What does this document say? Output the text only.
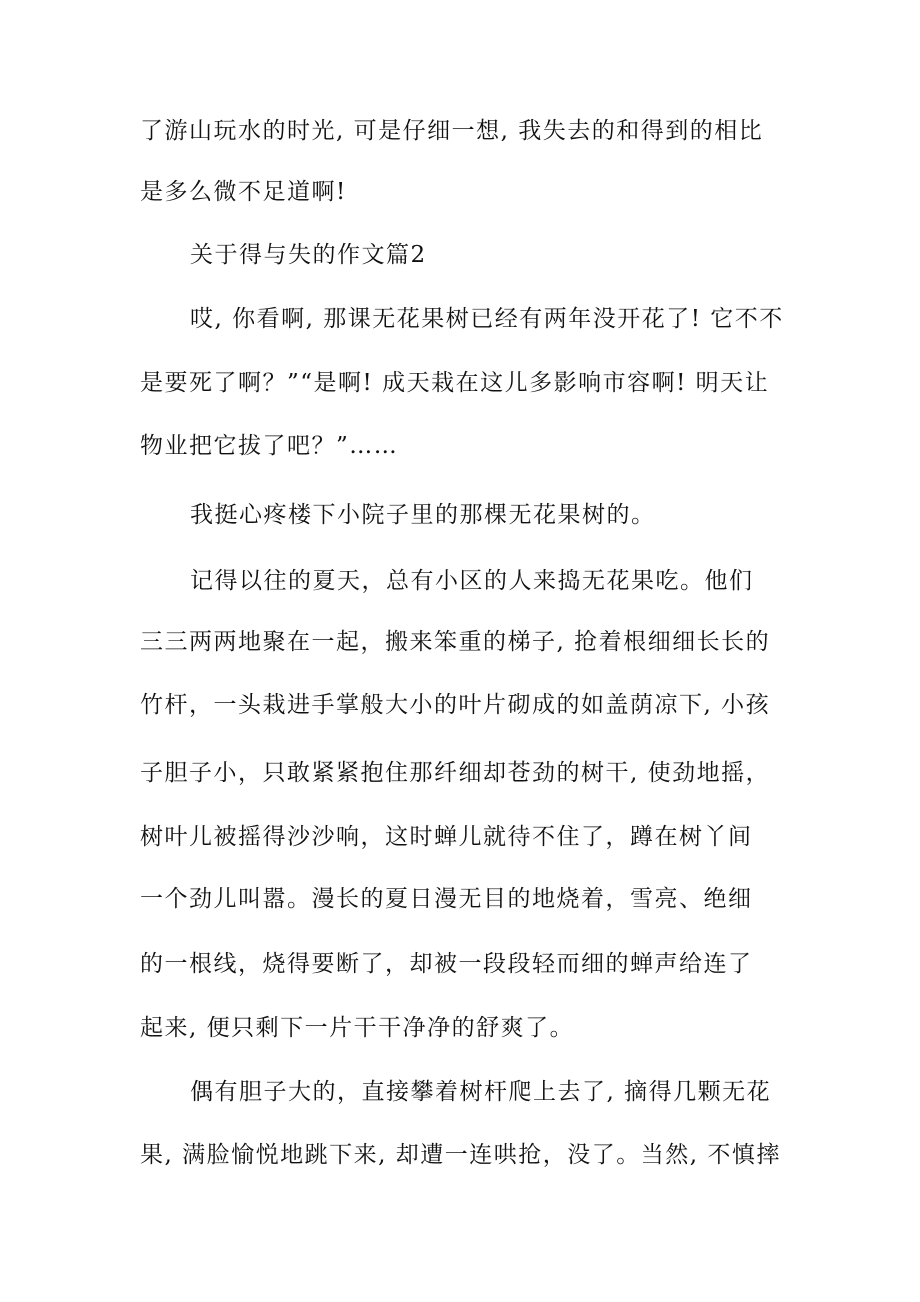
了游山玩水的时光, 可是仔细一想, 我失去的和得到的相比
是多么微不足道啊!
关于得与失的作文篇2
哎, 你看啊, 那课无花果树已经有两年没开花了! 它不不
是要死了啊？”“是啊! 成天栽在这儿多影响市容啊! 明天让
物业把它拔了吧？”……
我挺心疼楼下小院子里的那棵无花果树的。
记得以往的夏天，总有小区的人来捣无花果吃。他们
三三两两地聚在一起，搬来笨重的梯子, 抢着根细细长长的
竹杆，一头栽进手掌般大小的叶片砌成的如盖荫凉下, 小孩
子胆子小，只敢紧紧抱住那纤细却苍劲的树干, 使劲地摇，
树叶儿被摇得沙沙响，这时蝉儿就待不住了，蹲在树丫间
一个劲儿叫嚣。漫长的夏日漫无目的地烧着，雪亮、绝细
的一根线，烧得要断了，却被一段段轻而细的蝉声给连了
起来, 便只剩下一片干干净净的舒爽了。
偶有胆子大的，直接攀着树杆爬上去了, 摘得几颗无花
果, 满脸愉悦地跳下来, 却遭一连哄抢，没了。当然, 不慎摔
